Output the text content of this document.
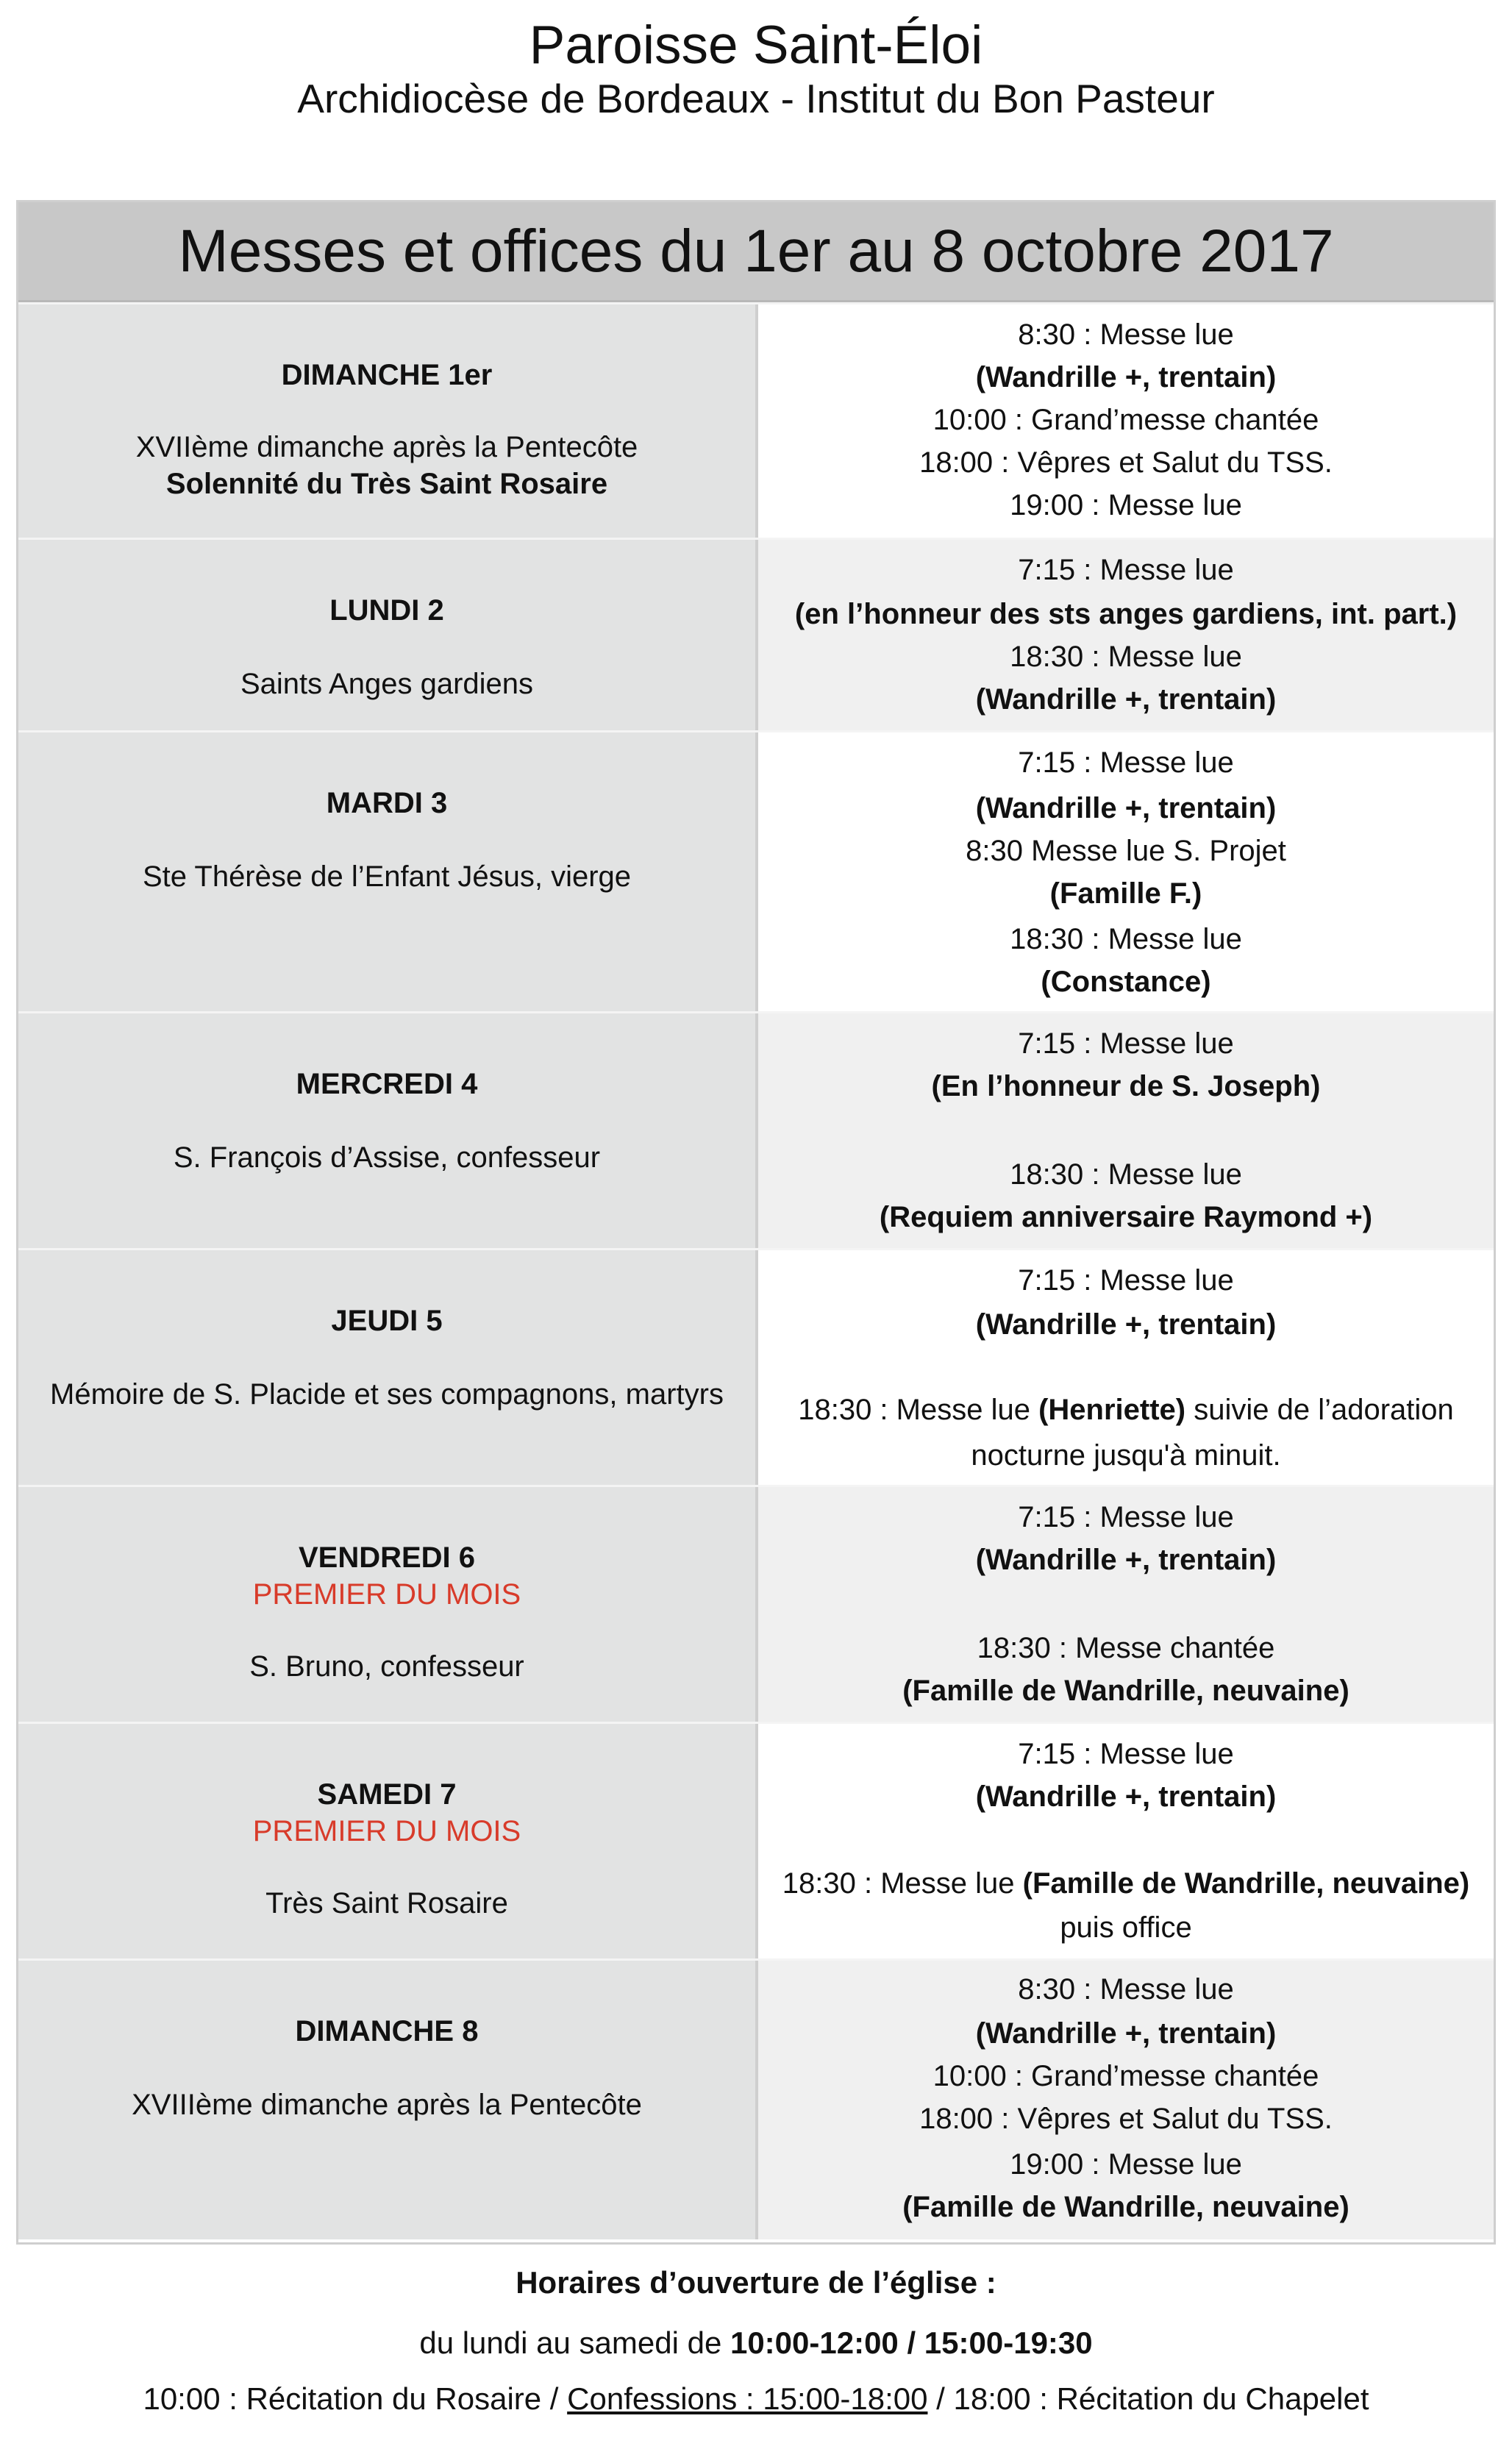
Paroisse Saint-Éloi
Archidiocèse de Bordeaux - Institut du Bon Pasteur
Messes et offices du 1er au 8 octobre 2017
DIMANCHE 1er
XVIIème dimanche après la Pentecôte
Solennité du Très Saint Rosaire
8:30 : Messe lue
(Wandrille +, trentain)
10:00 : Grand’messe chantée
18:00 : Vêpres et Salut du TSS.
19:00 : Messe lue
LUNDI 2
Saints Anges gardiens
7:15 : Messe lue
(en l’honneur des sts anges gardiens, int. part.)
18:30 : Messe lue
(Wandrille +, trentain)
MARDI 3
Ste Thérèse de l’Enfant Jésus, vierge
7:15 : Messe lue
(Wandrille +, trentain)
8:30 Messe lue S. Projet
(Famille F.)
18:30 : Messe lue
(Constance)
MERCREDI 4
S. François d’Assise, confesseur
7:15 : Messe lue
(En l’honneur de S. Joseph)
18:30 : Messe lue
(Requiem anniversaire Raymond +)
JEUDI 5
Mémoire de S. Placide et ses compagnons, martyrs
7:15 : Messe lue
(Wandrille +, trentain)
18:30 : Messe lue (Henriette) suivie de l’adoration
nocturne jusqu'à minuit.
VENDREDI 6
PREMIER DU MOIS
S. Bruno, confesseur
7:15 : Messe lue
(Wandrille +, trentain)
18:30 : Messe chantée
(Famille de Wandrille, neuvaine)
SAMEDI 7
PREMIER DU MOIS
Très Saint Rosaire
7:15 : Messe lue
(Wandrille +, trentain)
18:30 : Messe lue (Famille de Wandrille, neuvaine)
puis office
DIMANCHE 8
XVIIIème dimanche après la Pentecôte
8:30 : Messe lue
(Wandrille +, trentain)
10:00 : Grand’messe chantée
18:00 : Vêpres et Salut du TSS.
19:00 : Messe lue
(Famille de Wandrille, neuvaine)
Horaires d’ouverture de l’église :
du lundi au samedi de 10:00-12:00 / 15:00-19:30
10:00 : Récitation du Rosaire / Confessions : 15:00-18:00 / 18:00 : Récitation du Chapelet
